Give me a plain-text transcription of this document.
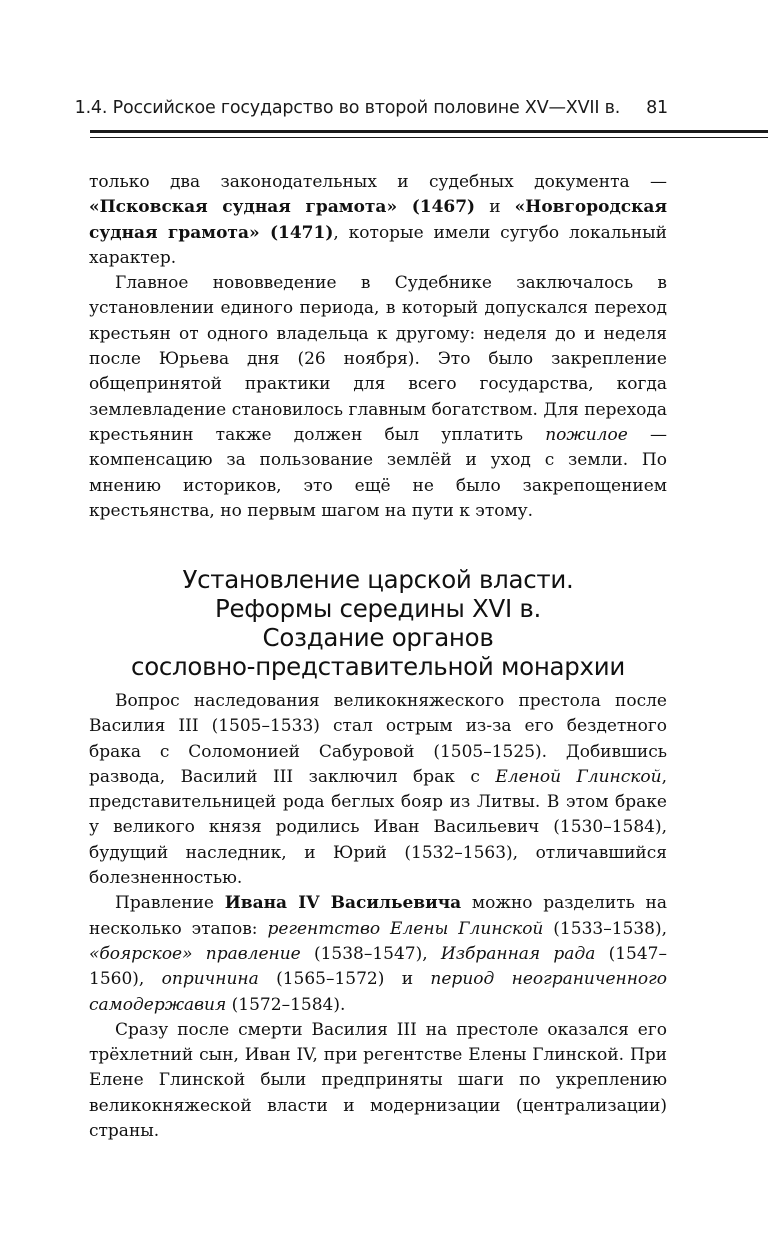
1.4. Российское государство во второй половине XV—XVII в. 81

только два законодательных и судебных документа — «Псковская судная грамота» (1467) и «Новгородская судная грамота» (1471), которые имели сугубо локальный характер.

Главное нововведение в Судебнике заключалось в установлении единого периода, в который допускался переход крестьян от одного владельца к другому: неделя до и неделя после Юрьева дня (26 ноября). Это было закрепление общепринятой практики для всего государства, когда землевладение становилось главным богатством. Для перехода крестьянин также должен был уплатить пожилое — компенсацию за пользование землёй и уход с земли. По мнению историков, это ещё не было закрепощением крестьянства, но первым шагом на пути к этому.

Установление царской власти.
Реформы середины XVI в.
Создание органов
сословно-представительной монархии

Вопрос наследования великокняжеского престола после Василия III (1505–1533) стал острым из-за его бездетного брака с Соломонией Сабуровой (1505–1525). Добившись развода, Василий III заключил брак с Еленой Глинской, представительницей рода беглых бояр из Литвы. В этом браке у великого князя родились Иван Васильевич (1530–1584), будущий наследник, и Юрий (1532–1563), отличавшийся болезненностью.

Правление Ивана IV Васильевича можно разделить на несколько этапов: регентство Елены Глинской (1533–1538), «боярское» правление (1538–1547), Избранная рада (1547–1560), опричнина (1565–1572) и период неограниченного самодержавия (1572–1584).

Сразу после смерти Василия III на престоле оказался его трёхлетний сын, Иван IV, при регентстве Елены Глинской. При Елене Глинской были предприняты шаги по укреплению великокняжеской власти и модернизации (централизации) страны.
